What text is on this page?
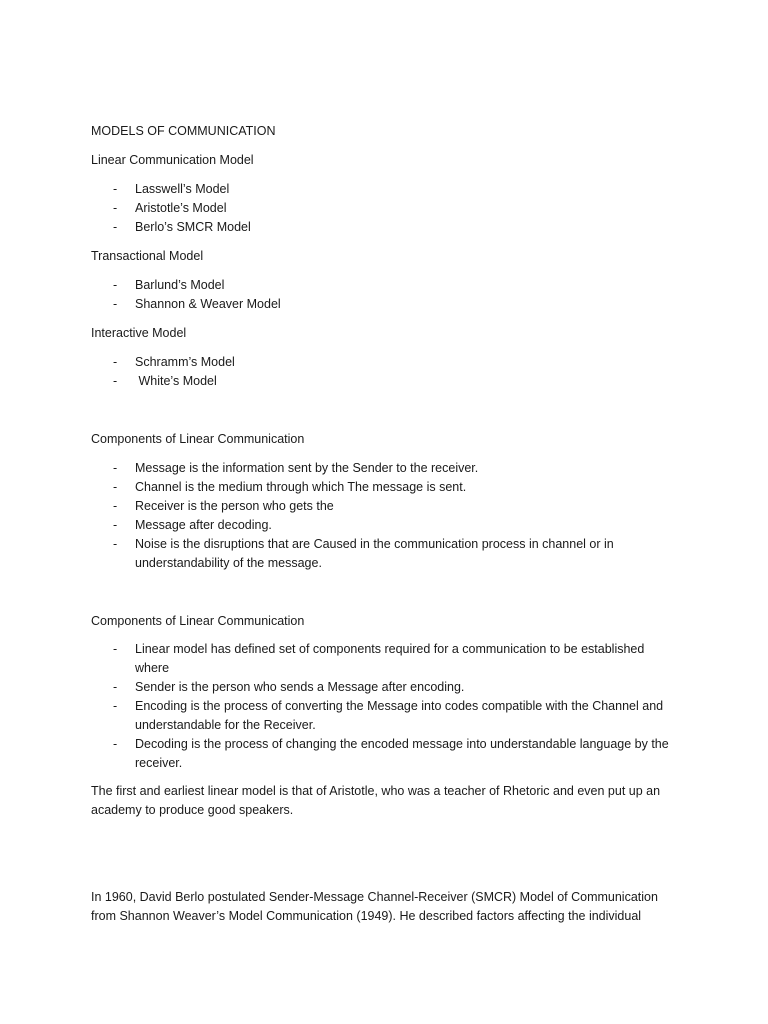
MODELS OF COMMUNICATION

Linear Communication Model

- Lasswell’s Model
- Aristotle’s Model
- Berlo’s SMCR Model

Transactional Model

- Barlund’s Model
- Shannon & Weaver Model

Interactive Model

- Schramm’s Model
-  White’s Model

Components of Linear Communication

- Message is the information sent by the Sender to the receiver.
- Channel is the medium through which The message is sent.
- Receiver is the person who gets the
- Message after decoding.
- Noise is the disruptions that are Caused in the communication process in channel or in understandability of the message.

Components of Linear Communication

- Linear model has defined set of components required for a communication to be established where
- Sender is the person who sends a Message after encoding.
- Encoding is the process of converting the Message into codes compatible with the Channel and understandable for the Receiver.
- Decoding is the process of changing the encoded message into understandable language by the receiver.

The first and earliest linear model is that of Aristotle, who was a teacher of Rhetoric and even put up an academy to produce good speakers.

In 1960, David Berlo postulated Sender-Message Channel-Receiver (SMCR) Model of Communication from Shannon Weaver’s Model Communication (1949). He described factors affecting the individual
